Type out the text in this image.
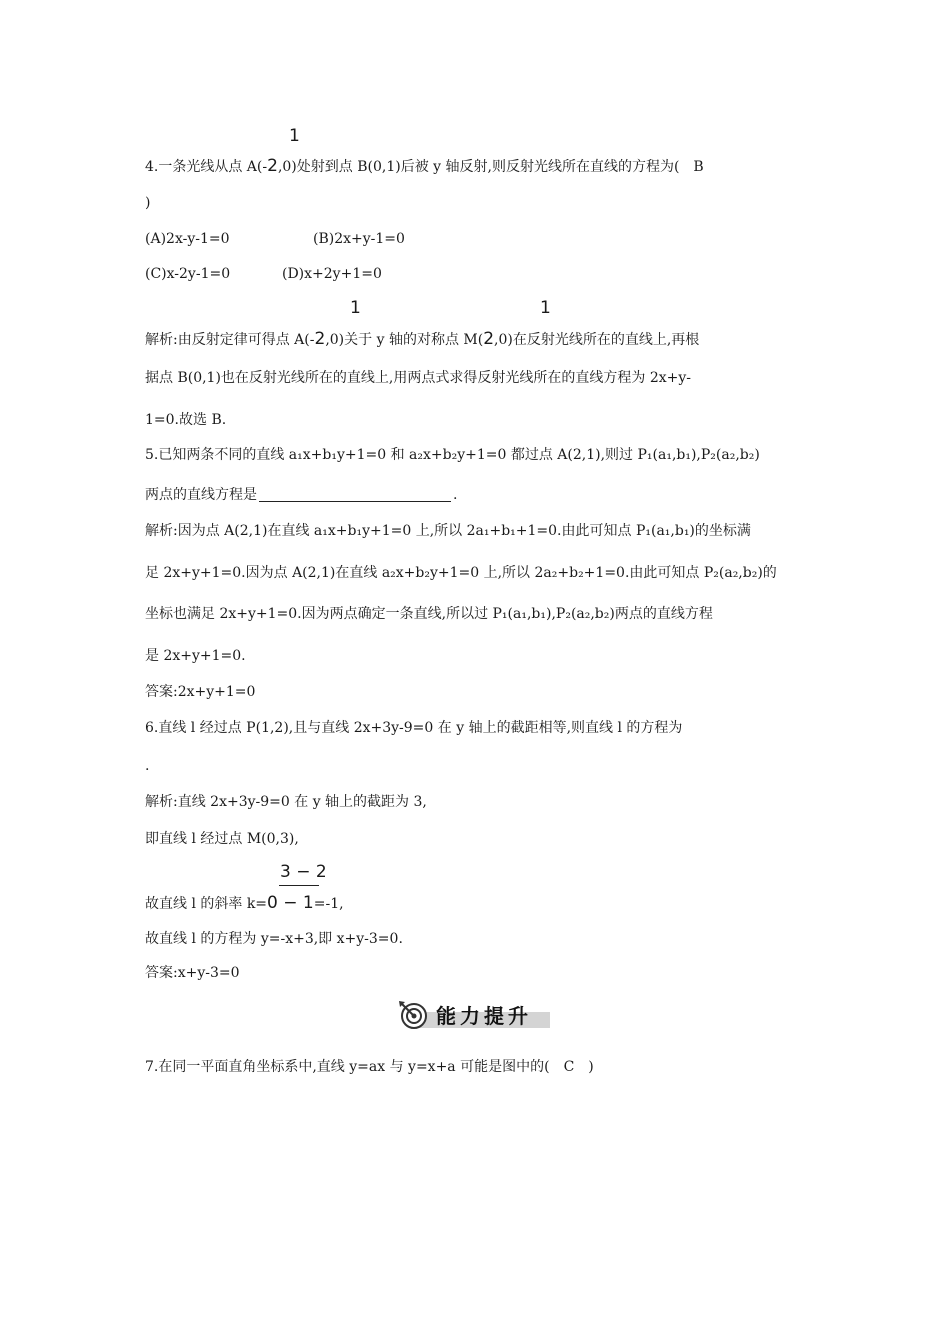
1
4.一条光线从点 A(-2,0)处射到点 B(0,1)后被 y 轴反射,则反射光线所在直线的方程为(　B
)
(A)2x-y-1=0	(B)2x+y-1=0
(C)x-2y-1=0	(D)x+2y+1=0
1	1
解析:由反射定律可得点 A(-2,0)关于 y 轴的对称点 M(2,0)在反射光线所在的直线上,再根
据点 B(0,1)也在反射光线所在的直线上,用两点式求得反射光线所在的直线方程为 2x+y-
1=0.故选 B.
5.已知两条不同的直线 a₁x+b₁y+1=0 和 a₂x+b₂y+1=0 都过点 A(2,1),则过 P₁(a₁,b₁),P₂(a₂,b₂)
两点的直线方程是	.
解析:因为点 A(2,1)在直线 a₁x+b₁y+1=0 上,所以 2a₁+b₁+1=0.由此可知点 P₁(a₁,b₁)的坐标满
足 2x+y+1=0.因为点 A(2,1)在直线 a₂x+b₂y+1=0 上,所以 2a₂+b₂+1=0.由此可知点 P₂(a₂,b₂)的
坐标也满足 2x+y+1=0.因为两点确定一条直线,所以过 P₁(a₁,b₁),P₂(a₂,b₂)两点的直线方程
是 2x+y+1=0.
答案:2x+y+1=0
6.直线 l 经过点 P(1,2),且与直线 2x+3y-9=0 在 y 轴上的截距相等,则直线 l 的方程为
.
解析:直线 2x+3y-9=0 在 y 轴上的截距为 3,
即直线 l 经过点 M(0,3),
3 − 2
故直线 l 的斜率 k=0 − 1=-1,
故直线 l 的方程为 y=-x+3,即 x+y-3=0.
答案:x+y-3=0
能力提升
7.在同一平面直角坐标系中,直线 y=ax 与 y=x+a 可能是图中的(　C　)
